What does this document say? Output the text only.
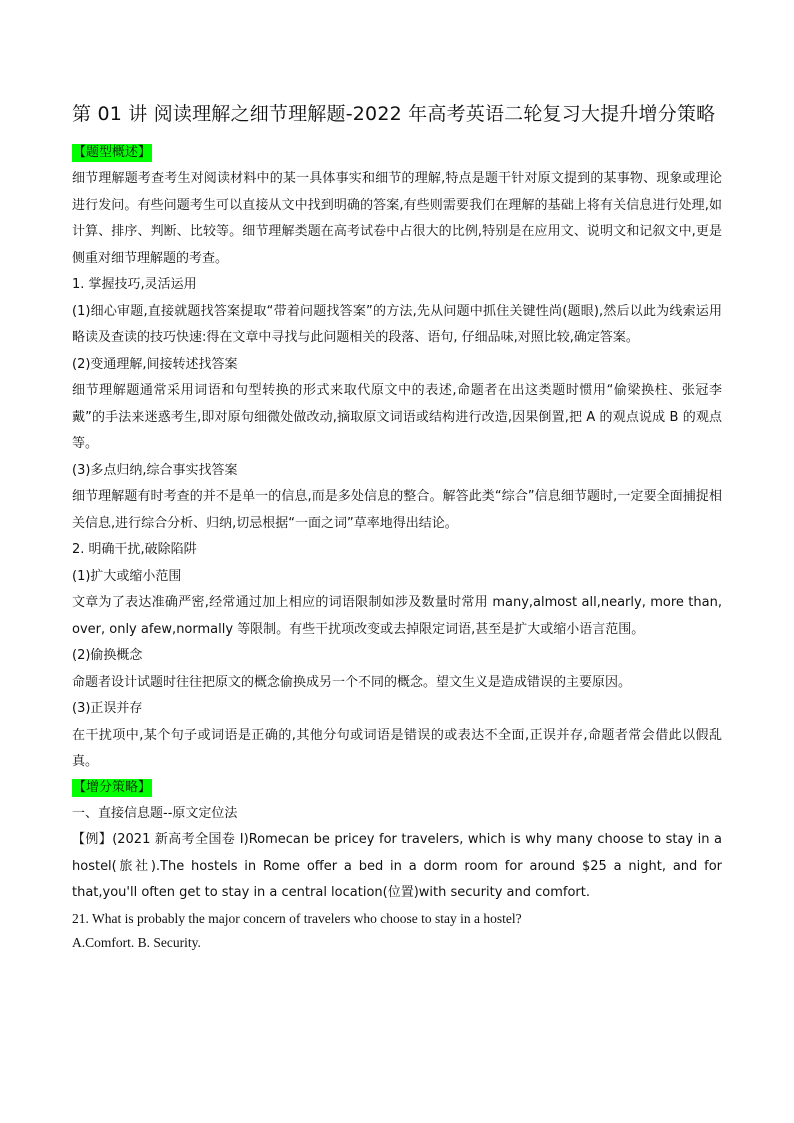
第 01 讲 阅读理解之细节理解题-2022 年高考英语二轮复习大提升增分策略
【题型概述】

细节理解题考查考生对阅读材料中的某一具体事实和细节的理解,特点是题干针对原文提到的某事物、现象或理论进行发问。有些问题考生可以直接从文中找到明确的答案,有些则需要我们在理解的基础上将有关信息进行处理,如计算、排序、判断、比较等。细节理解类题在高考试卷中占很大的比例,特别是在应用文、说明文和记叙文中,更是侧重对细节理解题的考查。

1. 掌握技巧,灵活运用

(1)细心审题,直接就题找答案提取“带着问题找答案”的方法,先从问题中抓住关键性尚(题眼),然后以此为线索运用略读及查读的技巧快速:得在文章中寻找与此问题相关的段落、语句, 仔细品味,对照比较,确定答案。

(2)变通理解,间接转述找答案

细节理解题通常采用词语和句型转换的形式来取代原文中的表述,命题者在出这类题时惯用“偷梁换柱、张冠李戴”的手法来迷惑考生,即对原句细微处做改动,摘取原文词语或结构进行改造,因果倒置,把 A 的观点说成 B 的观点等。

(3)多点归纳,综合事实找答案

细节理解题有时考查的并不是单一的信息,而是多处信息的整合。解答此类“综合”信息细节题时,一定要全面捕捉相关信息,进行综合分析、归纳,切忌根据“一面之词”草率地得出结论。

2. 明确干扰,破除陷阱

(1)扩大或缩小范围

文章为了表达准确严密,经常通过加上相应的词语限制如涉及数量时常用 many,almost all,nearly, more than, over, only afew,normally 等限制。有些干扰项改变或去掉限定词语,甚至是扩大或缩小语言范围。

(2)偷换概念

命题者设计试题时往往把原文的概念偷换成另一个不同的概念。望文生义是造成错误的主要原因。

(3)正误并存

在干扰项中,某个句子或词语是正确的,其他分句或词语是错误的或表达不全面,正误并存,命题者常会借此以假乱真。

【增分策略】

一、直接信息题--原文定位法

【例】(2021 新高考全国卷 I)Romecan be pricey for travelers, which is why many choose to stay in a hostel(旅社).The hostels in Rome offer a bed in a dorm room for around $25 a night, and for that,you'll often get to stay in a central location(位置)with security and comfort.

21. What is probably the major concern of travelers who choose to stay in a hostel?

A.Comfort. B. Security.
